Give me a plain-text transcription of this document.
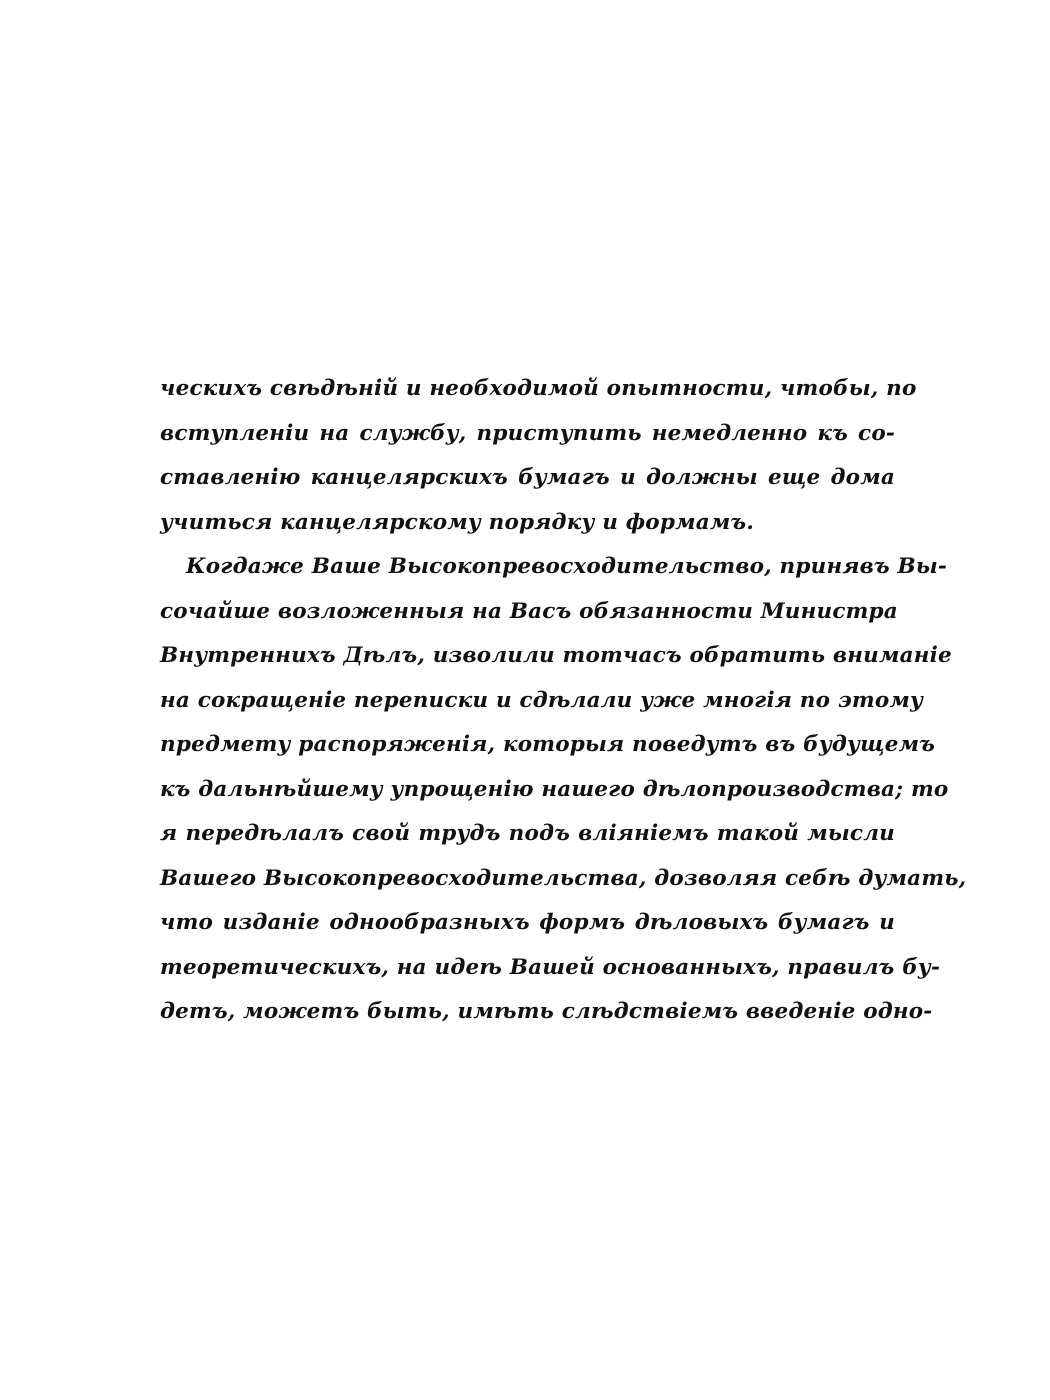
ческихъ свѣдѣній и необходимой опытности, чтобы, по
вступленіи на службу, приступить немедленно къ со-
ставленію канцелярскихъ бумагъ и должны еще дома
учиться канцелярскому порядку и формамъ.
Когдаже Ваше Высокопревосходительство, принявъ Вы-
сочайше возложенныя на Васъ обязанности Министра
Внутреннихъ Дѣлъ, изволили тотчасъ обратить вниманіе
на сокращеніе переписки и сдѣлали уже многія по этому
предмету распоряженія, которыя поведутъ въ будущемъ
къ дальнѣйшему упрощенію нашего дѣлопроизводства; то
я передѣлалъ свой трудъ подъ вліяніемъ такой мысли
Вашего Высокопревосходительства, дозволяя себѣ думать,
что изданіе однообразныхъ формъ дѣловыхъ бумагъ и
теоретическихъ, на идеѣ Вашей основанныхъ, правилъ бу-
детъ, можетъ быть, имѣть слѣдствіемъ введеніе одно-
